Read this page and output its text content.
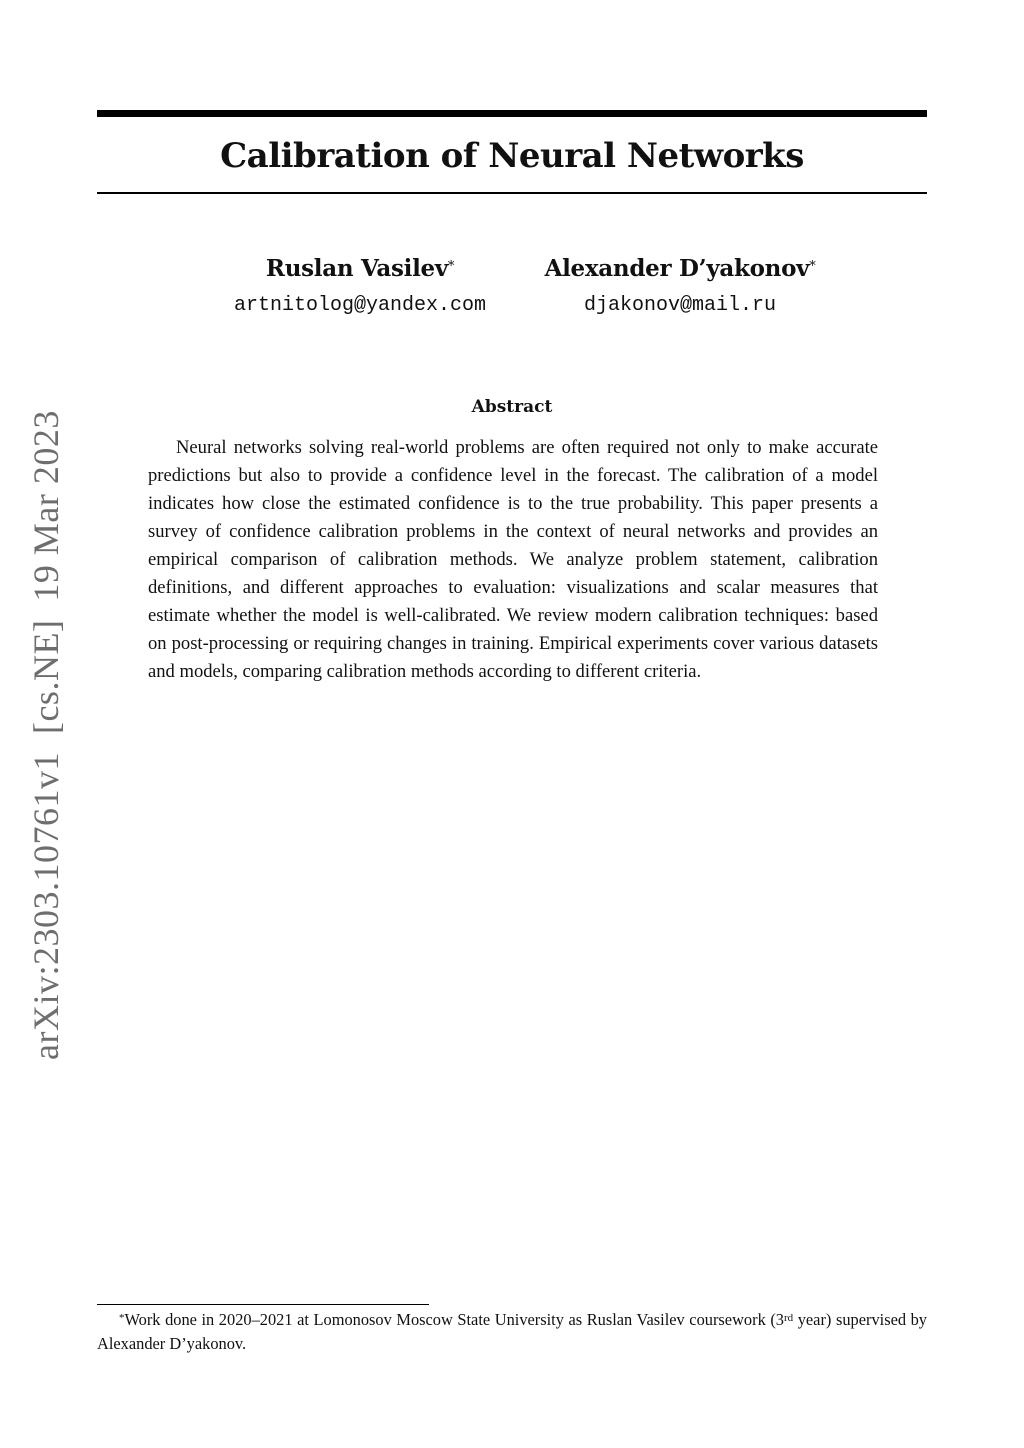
Calibration of Neural Networks
Ruslan Vasilev*
artnitolog@yandex.com
Alexander D’yakonov*
djakonov@mail.ru
Abstract

Neural networks solving real-world problems are often required not only to make accurate predictions but also to provide a confidence level in the forecast. The calibration of a model indicates how close the estimated confidence is to the true probability. This paper presents a survey of confidence calibration problems in the context of neural networks and provides an empirical comparison of calibration methods. We analyze problem statement, calibration definitions, and different approaches to evaluation: visualizations and scalar measures that estimate whether the model is well-calibrated. We review modern calibration techniques: based on post-processing or requiring changes in training. Empirical experiments cover various datasets and models, comparing calibration methods according to different criteria.

arXiv:2303.10761v1[cs.NE]19 Mar 2023

*Work done in 2020–2021 at Lomonosov Moscow State University as Ruslan Vasilev coursework (3rd year) supervised by Alexander D’yakonov.
